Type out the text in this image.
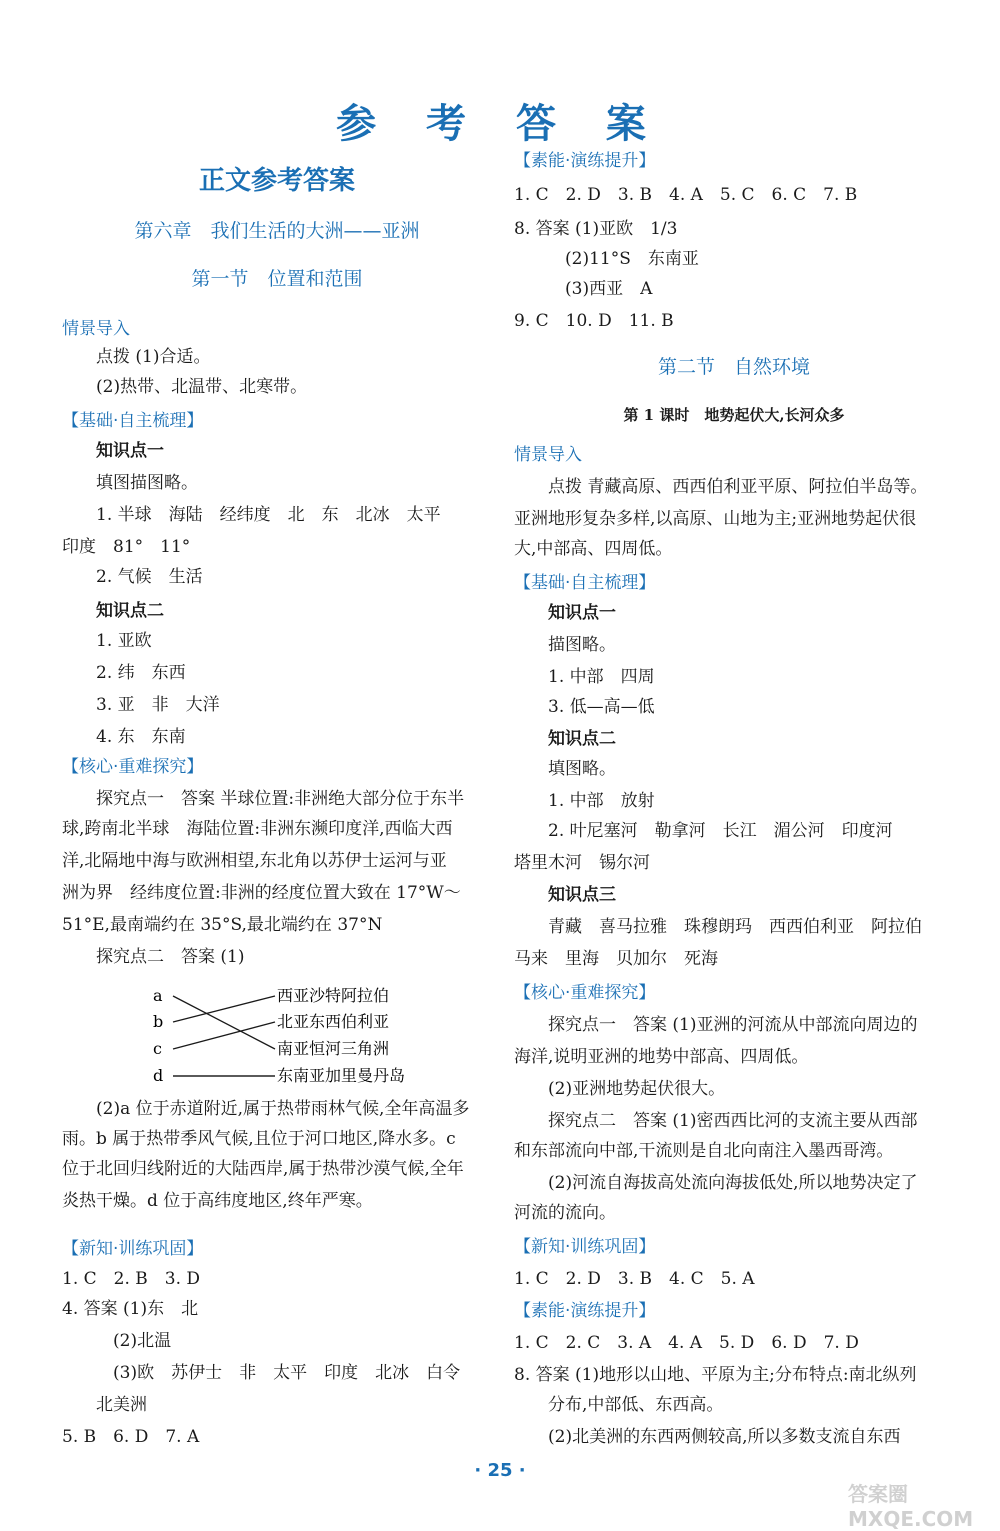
参 考 答 案
正文参考答案
第六章　我们生活的大洲——亚洲
第一节　位置和范围
情景导入
　　点拨 (1)合适。
　　(2)热带、北温带、北寒带。
【基础·自主梳理】
　　知识点一
　　填图描图略。
　　1. 半球　海陆　经纬度　北　东　北冰　太平
印度　81°　11°
　　2. 气候　生活
　　知识点二
　　1. 亚欧
　　2. 纬　东西
　　3. 亚　非　大洋
　　4. 东　东南
【核心·重难探究】
　　探究点一　答案 半球位置:非洲绝大部分位于东半
球,跨南北半球　海陆位置:非洲东濒印度洋,西临大西
洋,北隔地中海与欧洲相望,东北角以苏伊士运河与亚
洲为界　经纬度位置:非洲的经度位置大致在 17°W～
51°E,最南端约在 35°S,最北端约在 37°N
　　探究点二　答案 (1)
　　(2)a 位于赤道附近,属于热带雨林气候,全年高温多
雨。b 属于热带季风气候,且位于河口地区,降水多。c
位于北回归线附近的大陆西岸,属于热带沙漠气候,全年
炎热干燥。d 位于高纬度地区,终年严寒。
【新知·训练巩固】
1. C　2. B　3. D
4. 答案 (1)东　北
　　　(2)北温
　　　(3)欧　苏伊士　非　太平　印度　北冰　白令
　　北美洲
5. B　6. D　7. A
【素能·演练提升】
1. C　2. D　3. B　4. A　5. C　6. C　7. B
8. 答案 (1)亚欧　1/3
　　　(2)11°S　东南亚
　　　(3)西亚　A
9. C　10. D　11. B
第二节　自然环境
第 1 课时　地势起伏大,长河众多
情景导入
　　点拨 青藏高原、西西伯利亚平原、阿拉伯半岛等。
亚洲地形复杂多样,以高原、山地为主;亚洲地势起伏很
大,中部高、四周低。
【基础·自主梳理】
　　知识点一
　　描图略。
　　1. 中部　四周
　　3. 低—高—低
　　知识点二
　　填图略。
　　1. 中部　放射
　　2. 叶尼塞河　勒拿河　长江　湄公河　印度河
塔里木河　锡尔河
　　知识点三
　　青藏　喜马拉雅　珠穆朗玛　西西伯利亚　阿拉伯
马来　里海　贝加尔　死海
【核心·重难探究】
　　探究点一　答案 (1)亚洲的河流从中部流向周边的
海洋,说明亚洲的地势中部高、四周低。
　　(2)亚洲地势起伏很大。
　　探究点二　答案 (1)密西西比河的支流主要从西部
和东部流向中部,干流则是自北向南注入墨西哥湾。
　　(2)河流自海拔高处流向海拔低处,所以地势决定了
河流的流向。
【新知·训练巩固】
1. C　2. D　3. B　4. C　5. A
【素能·演练提升】
1. C　2. C　3. A　4. A　5. D　6. D　7. D
8. 答案 (1)地形以山地、平原为主;分布特点:南北纵列
　　分布,中部低、东西高。
　　(2)北美洲的东西两侧较高,所以多数支流自东西
a
b
c
d
西亚沙特阿拉伯
北亚东西伯利亚
南亚恒河三角洲
东南亚加里曼丹岛
· 25 ·
答案圈 MXQE.COM
